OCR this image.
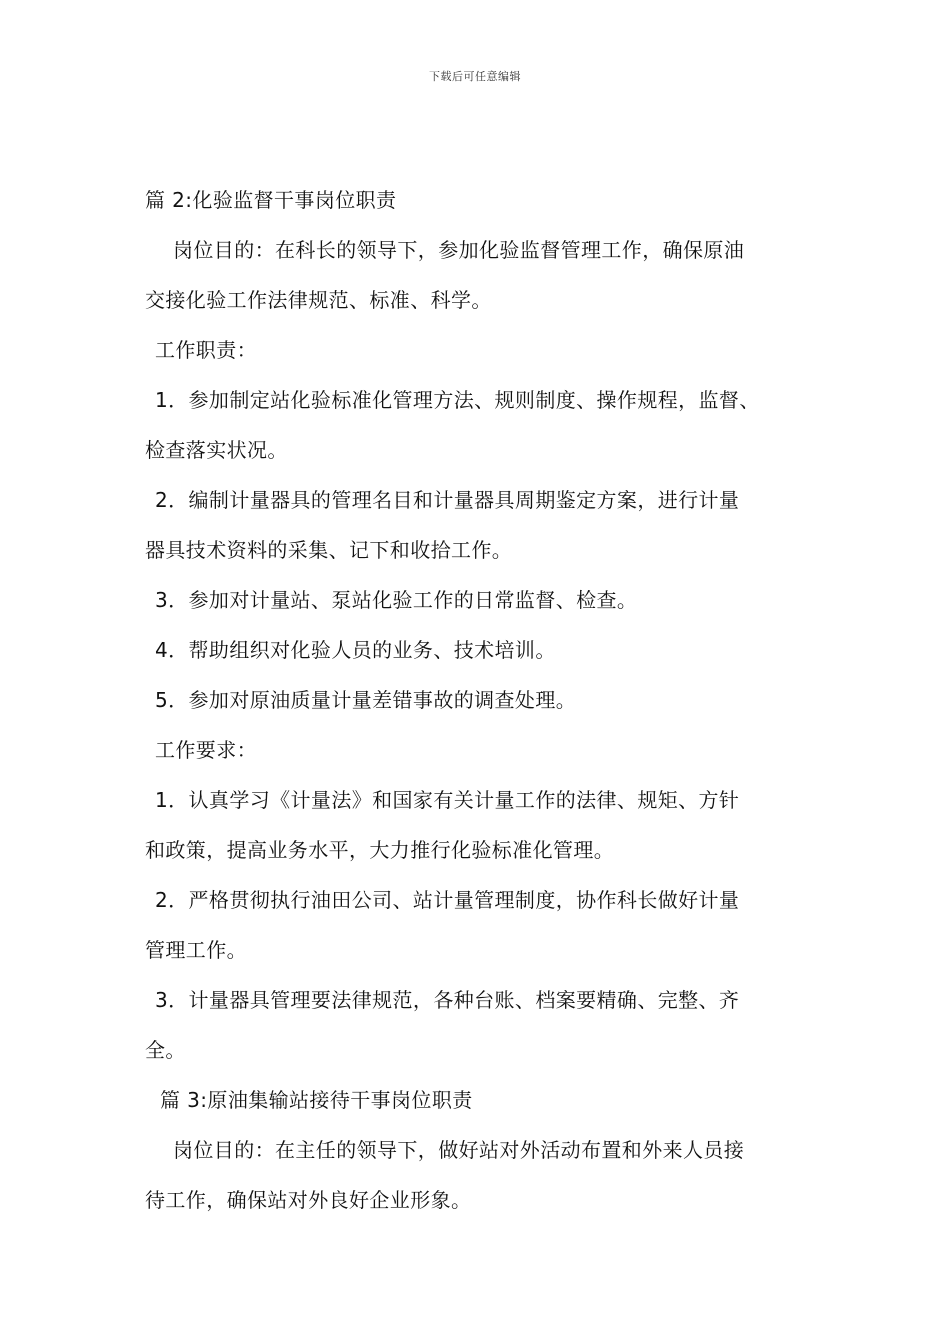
下载后可任意编辑
篇 2:化验监督干事岗位职责
岗位目的：在科长的领导下，参加化验监督管理工作，确保原油
交接化验工作法律规范、标准、科学。
工作职责：
1．参加制定站化验标准化管理方法、规则制度、操作规程，监督、
检查落实状况。
2．编制计量器具的管理名目和计量器具周期鉴定方案，进行计量
器具技术资料的采集、记下和收拾工作。
3．参加对计量站、泵站化验工作的日常监督、检查。
4．帮助组织对化验人员的业务、技术培训。
5．参加对原油质量计量差错事故的调查处理。
工作要求：
1．认真学习《计量法》和国家有关计量工作的法律、规矩、方针
和政策，提高业务水平，大力推行化验标准化管理。
2．严格贯彻执行油田公司、站计量管理制度，协作科长做好计量
管理工作。
3．计量器具管理要法律规范，各种台账、档案要精确、完整、齐
全。
篇 3:原油集输站接待干事岗位职责
岗位目的：在主任的领导下，做好站对外活动布置和外来人员接
待工作，确保站对外良好企业形象。
